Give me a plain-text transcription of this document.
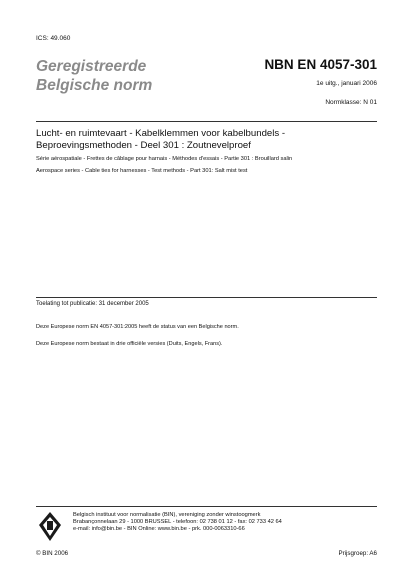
ICS: 49.060
Geregistreerde
Belgische norm
NBN EN 4057-301
1e uitg., januari 2006
Normklasse: N 01
Lucht- en ruimtevaart - Kabelklemmen voor kabelbundels - Beproevingsmethoden - Deel 301 : Zoutnevelproef
Série aérospatiale - Frettes de câblage pour harnais - Méthodes d'essais - Partie 301 : Brouillard salin
Aerospace series - Cable ties for harnesses - Test methods - Part 301: Salt mist test
Toelating tot publicatie: 31 december 2005
Deze Europese norm EN 4057-301:2005 heeft de status van een Belgische norm.
Deze Europese norm bestaat in drie officiële versies (Duits, Engels, Frans).
Belgisch instituut voor normalisatie (BIN), vereniging zonder winstoogmerk
Brabançonnelaan 29 - 1000 BRUSSEL - telefoon: 02 738 01 12 - fax: 02 733 42 64
e-mail: info@bin.be - BIN Online: www.bin.be - prk. 000-0063310-66
© BIN 2006	Prijsgroep: A6
